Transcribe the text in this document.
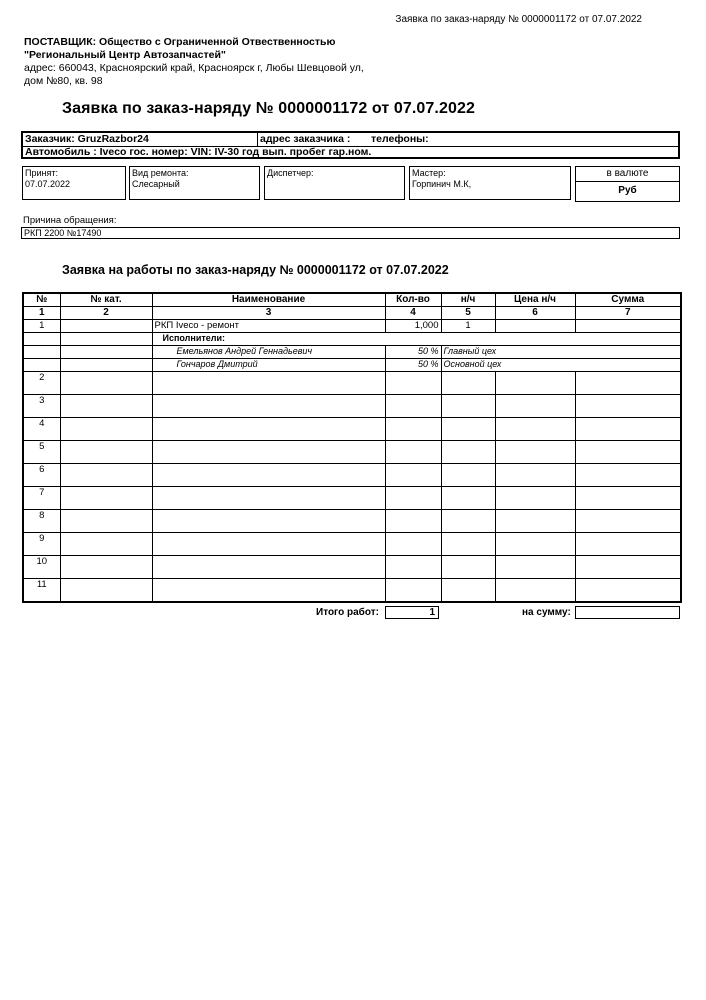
Заявка по заказ-наряду № 0000001172 от 07.07.2022
ПОСТАВЩИК: Общество с Ограниченной Отвественностью
"Региональный Центр Автозапчастей"
адрес: 660043, Красноярский край, Красноярск г, Любы Шевцовой ул,
дом №80, кв. 98
Заявка по заказ-наряду № 0000001172 от 07.07.2022
Заказчик: GruzRazbor24	адрес заказчика : телефоны:
Автомобиль : Iveco гос. номер: VIN: IV-30 год вып. пробег гар.ном.
Принят:
07.07.2022
Вид ремонта:
Слесарный
Диспетчер:	Мастер:
Горпинич М.К,
в валюте
Руб
Причина обращения:
РКП 2200 №17490
Заявка на работы по заказ-наряду № 0000001172 от 07.07.2022
№	№ кат.	Наименование	Кол-во	н/ч	Цена н/ч	Сумма
1	2	3	4	5	6	7
1		РКП Iveco - ремонт	1,000	1		
		Исполнители:				
		Емельянов Андрей Геннадьевич	50 %	Главный цех		
		Гончаров Дмитрий	50 %	Основной цех		
2						
3						
4						
5						
6						
7						
8						
9						
10						
11						
Итого работ:	1	на сумму:
